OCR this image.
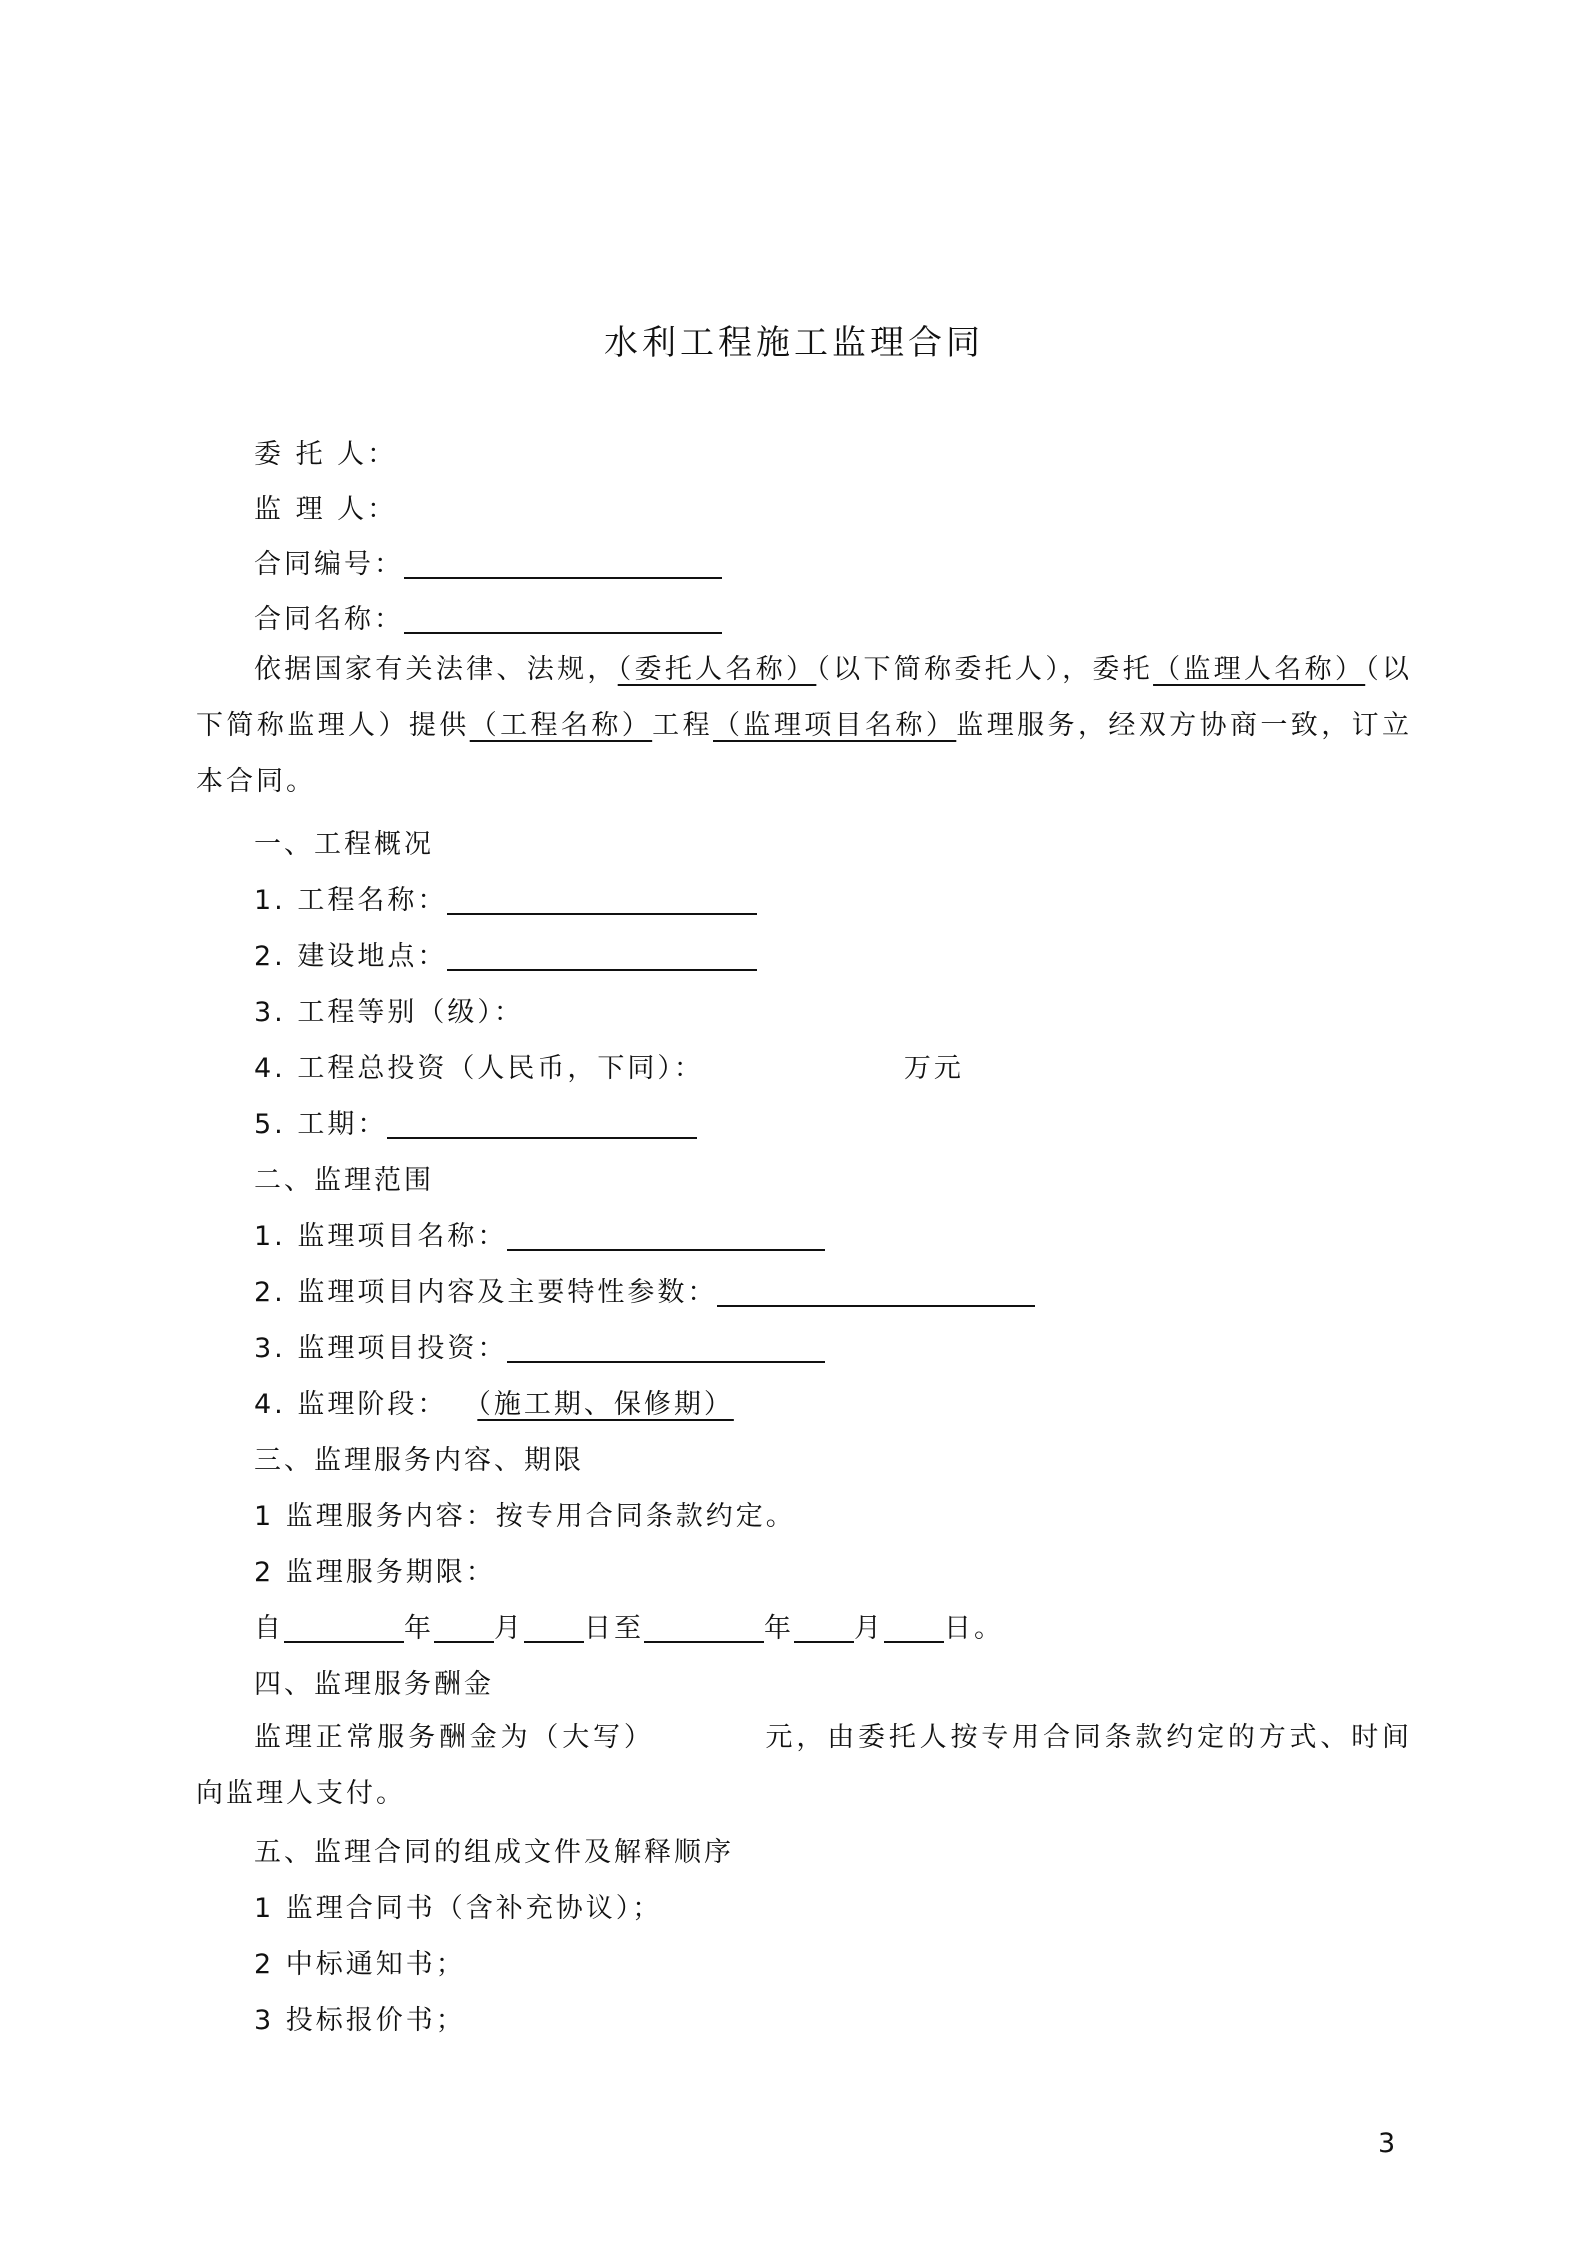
水利工程施工监理合同
委 托 人：
监 理 人：
合同编号：
合同名称：
依据国家有关法律、法规，（委托人名称）（以下简称委托人），委托（监理人名称）（以下简称监理人）提供（工程名称）工程（监理项目名称）监理服务，经双方协商一致，订立本合同。
一、工程概况
1. 工程名称：
2. 建设地点：
3. 工程等别（级）：
4. 工程总投资（人民币，下同）：	万元
5. 工期：
二、监理范围
1. 监理项目名称：
2. 监理项目内容及主要特性参数：
3. 监理项目投资：
4. 监理阶段： （施工期、保修期）
三、监理服务内容、期限
1 监理服务内容：按专用合同条款约定。
2 监理服务期限：
自	年 月 日至	年 月 日。
四、监理服务酬金
监理正常服务酬金为（大写）	元，由委托人按专用合同条款约定的方式、时间向监理人支付。
五、监理合同的组成文件及解释顺序
1 监理合同书（含补充协议）；
2 中标通知书；
3 投标报价书；
3
